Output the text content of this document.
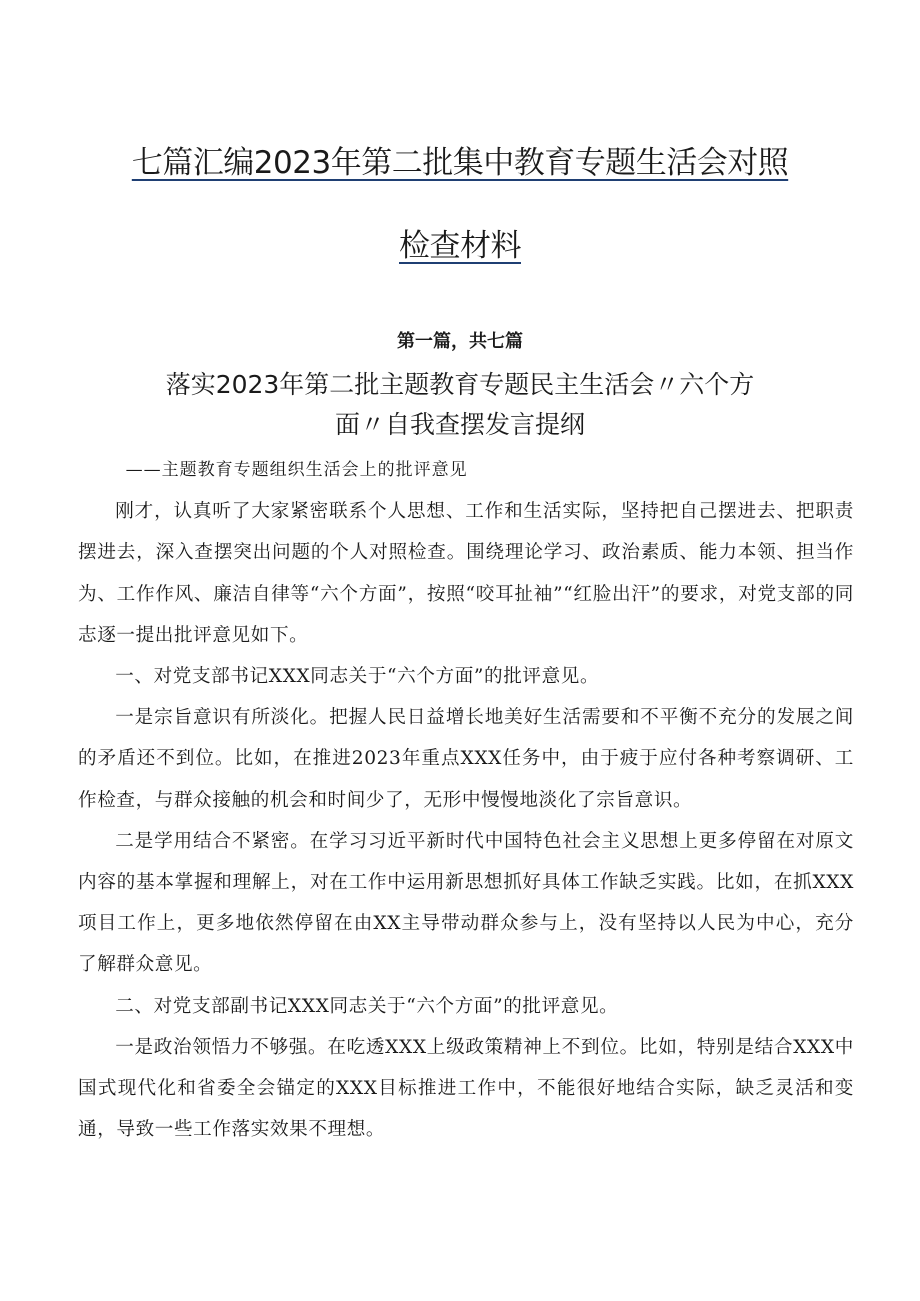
七篇汇编2023年第二批集中教育专题生活会对照
检查材料
第一篇，共七篇
落实2023年第二批主题教育专题民主生活会〃六个方
面〃自我查摆发言提纲

——主题教育专题组织生活会上的批评意见

刚才，认真听了大家紧密联系个人思想、工作和生活实际，坚持把自己摆进去、把职责摆进去，深入查摆突出问题的个人对照检查。围绕理论学习、政治素质、能力本领、担当作为、工作作风、廉洁自律等“六个方面”，按照“咬耳扯袖”“红脸出汗”的要求，对党支部的同志逐一提出批评意见如下。

一、对党支部书记XXX同志关于“六个方面”的批评意见。

一是宗旨意识有所淡化。把握人民日益增长地美好生活需要和不平衡不充分的发展之间的矛盾还不到位。比如，在推进2023年重点XXX任务中，由于疲于应付各种考察调研、工作检查，与群众接触的机会和时间少了，无形中慢慢地淡化了宗旨意识。

二是学用结合不紧密。在学习习近平新时代中国特色社会主义思想上更多停留在对原文内容的基本掌握和理解上，对在工作中运用新思想抓好具体工作缺乏实践。比如，在抓XXX项目工作上，更多地依然停留在由XX主导带动群众参与上，没有坚持以人民为中心，充分了解群众意见。

二、对党支部副书记XXX同志关于“六个方面”的批评意见。

一是政治领悟力不够强。在吃透XXX上级政策精神上不到位。比如，特别是结合XXX中国式现代化和省委全会锚定的XXX目标推进工作中，不能很好地结合实际，缺乏灵活和变通，导致一些工作落实效果不理想。
